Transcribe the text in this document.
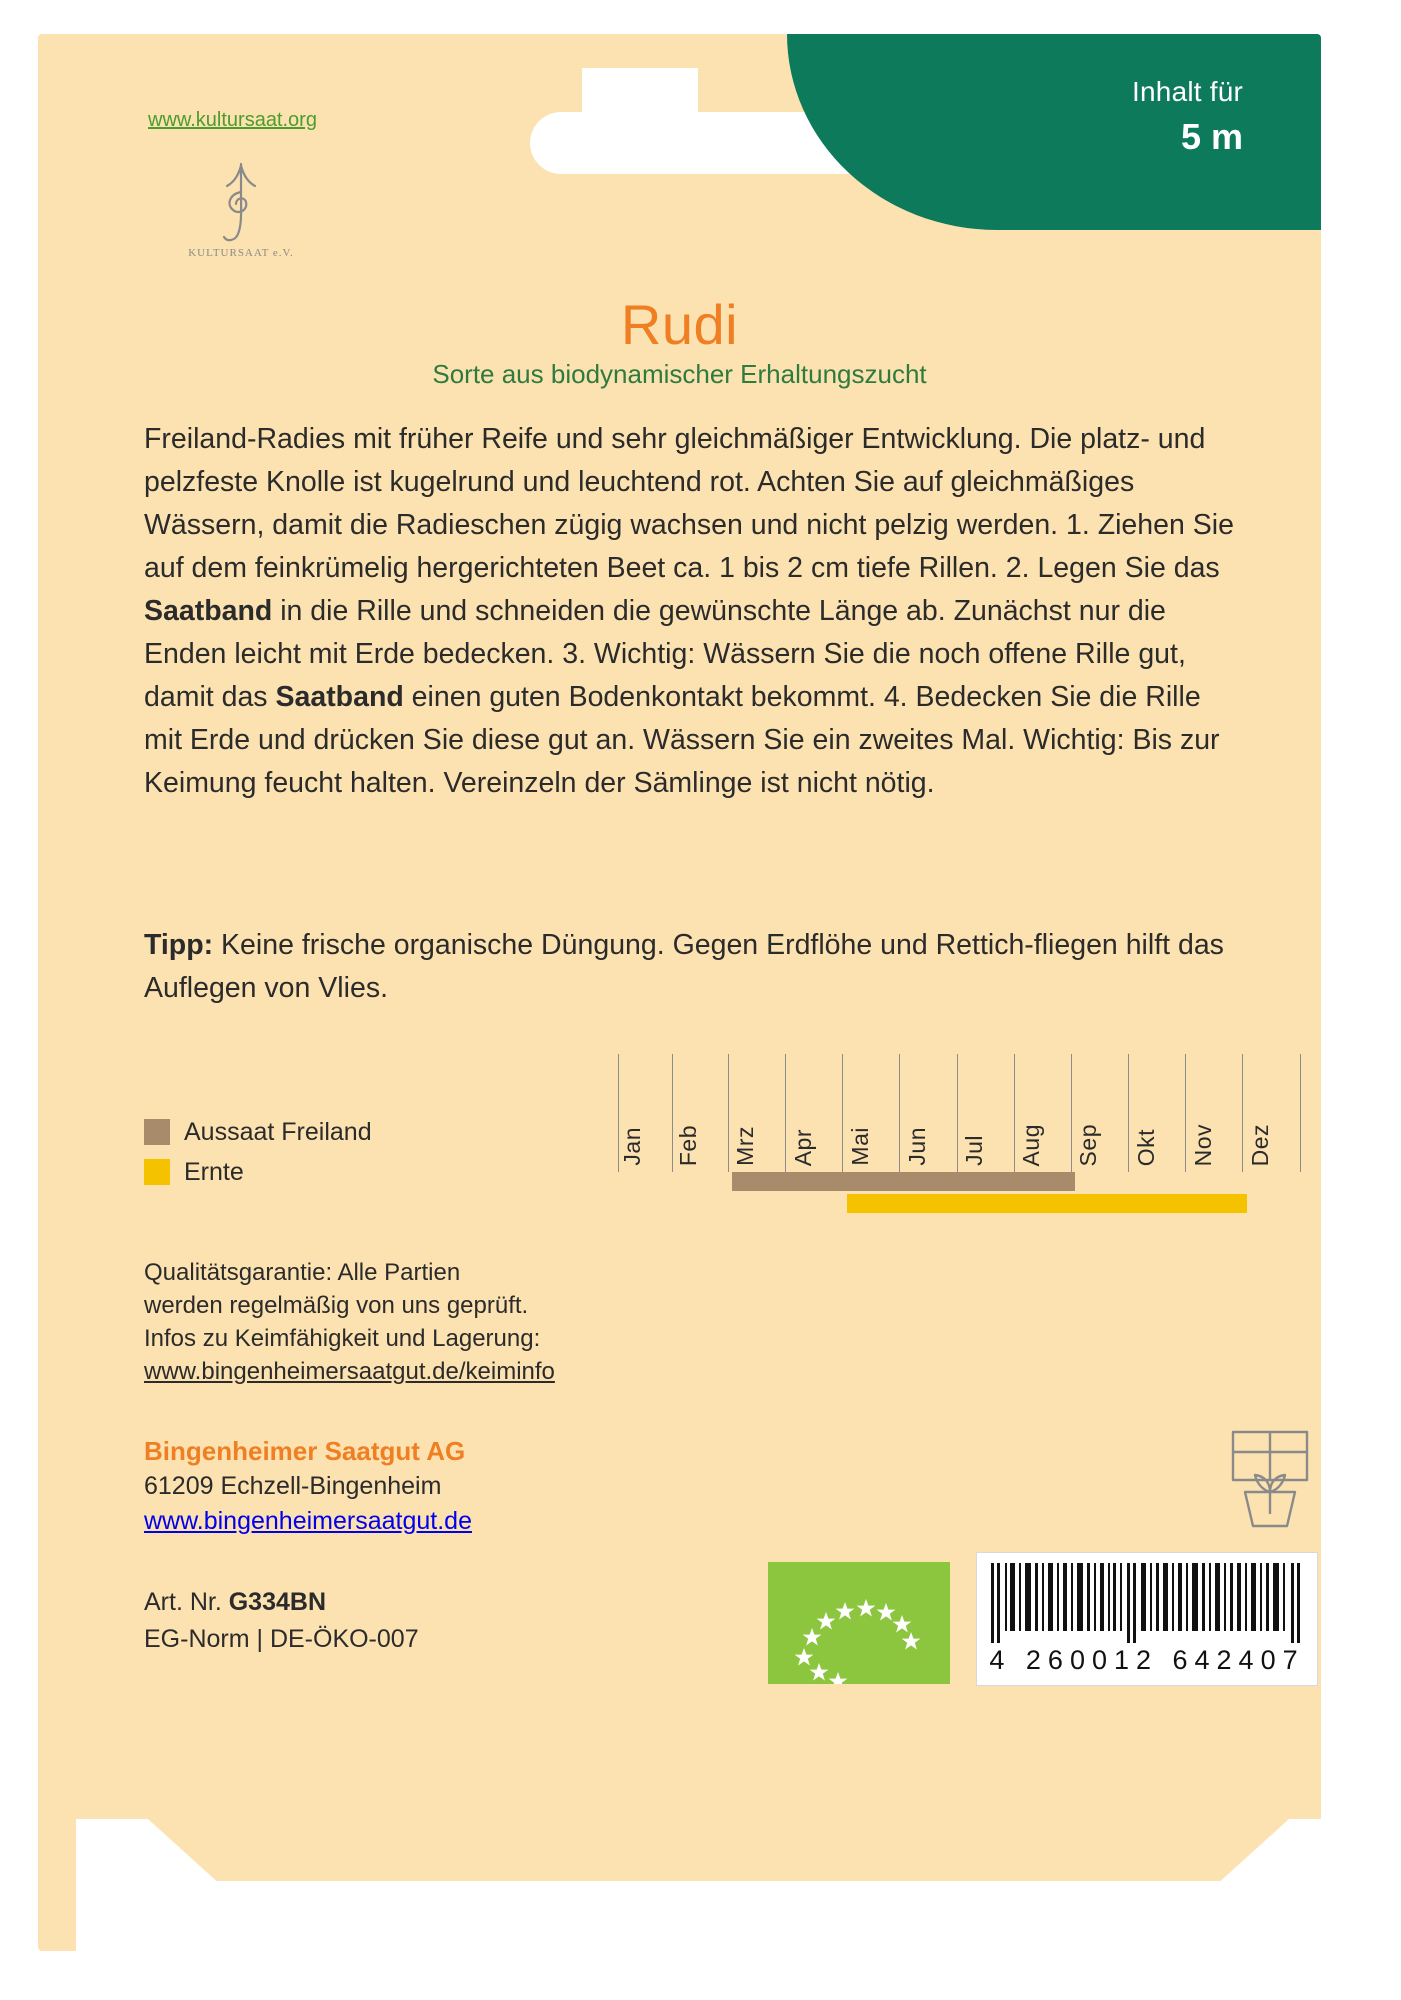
Inhalt für
5 m
www.kultursaat.org
KULTURSAAT e.V.
Rudi
Sorte aus biodynamischer Erhaltungszucht
Freiland-Radies mit früher Reife und sehr gleichmäßiger Entwicklung. Die platz- und pelzfeste Knolle ist kugelrund und leuchtend rot. Achten Sie auf gleichmäßiges Wässern, damit die Radieschen zügig wachsen und nicht pelzig werden. 1. Ziehen Sie auf dem feinkrümelig hergerichteten Beet ca. 1 bis 2 cm tiefe Rillen. 2. Legen Sie das Saatband in die Rille und schneiden die gewünschte Länge ab. Zunächst nur die Enden leicht mit Erde bedecken. 3. Wichtig: Wässern Sie die noch offene Rille gut, damit das Saatband einen guten Bodenkontakt bekommt. 4. Bedecken Sie die Rille mit Erde und drücken Sie diese gut an. Wässern Sie ein zweites Mal. Wichtig: Bis zur Keimung feucht halten. Vereinzeln der Sämlinge ist nicht nötig.
Tipp: Keine frische organische Düngung. Gegen Erdflöhe und Rettich-fliegen hilft das Auflegen von Vlies.
Aussaat Freiland
Ernte
Jan	Feb	Mrz	Apr	Mai	Jun	Jul	Aug	Sep	Okt	Nov	Dez
Qualitätsgarantie: Alle Partien
werden regelmäßig von uns geprüft.
Infos zu Keimfähigkeit und Lagerung:
www.bingenheimersaatgut.de/keiminfo
Bingenheimer Saatgut AG
61209 Echzell-Bingenheim
www.bingenheimersaatgut.de
4 260012 642407
Art. Nr. G334BN
EG-Norm | DE-ÖKO-007
